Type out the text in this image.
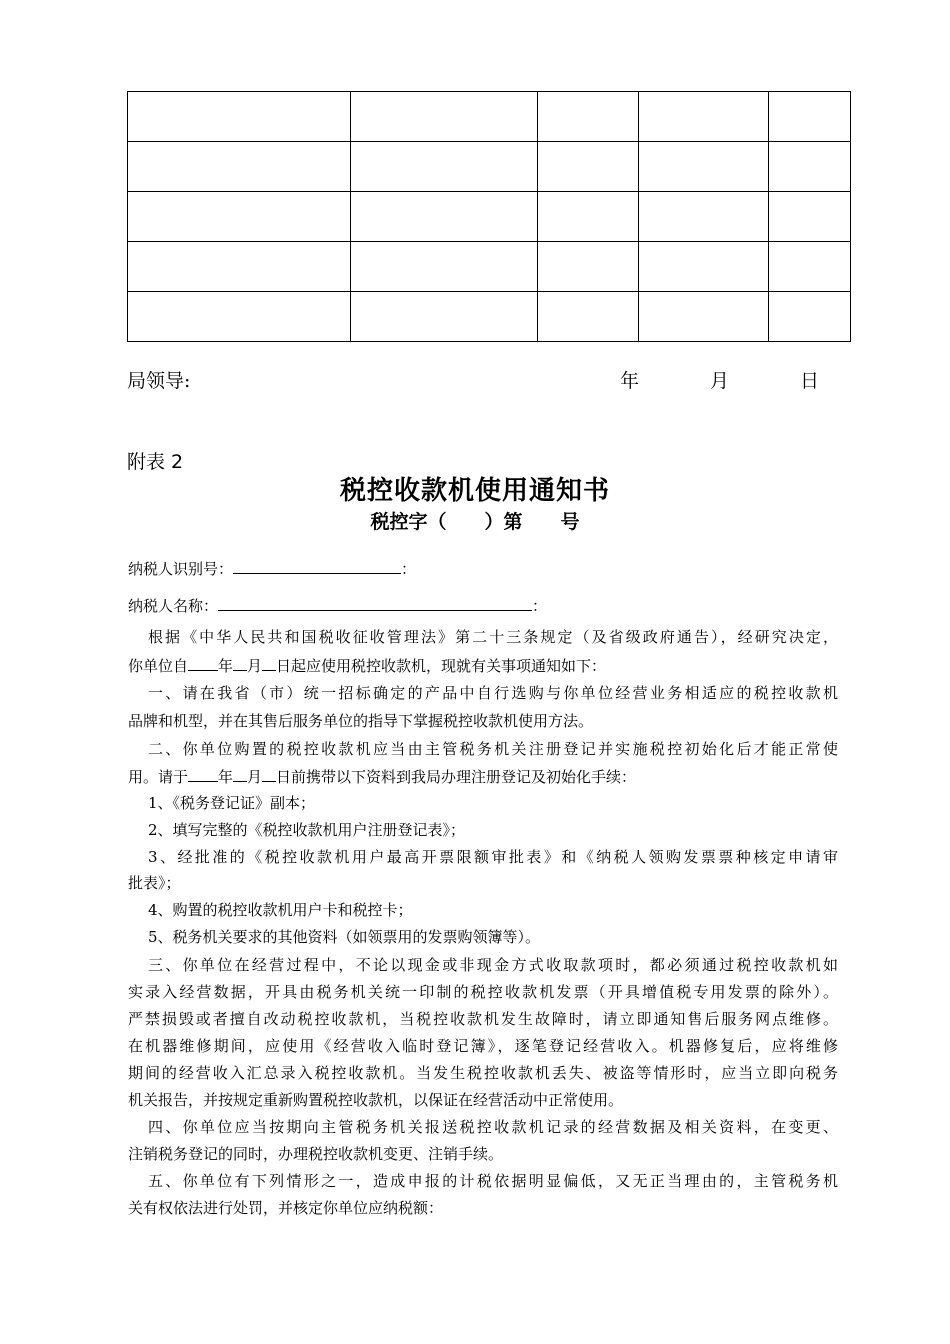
局领导:	年	月	日
附表 2
税控收款机使用通知书
税控字（　　）第　　号
纳税人识别号：	：
纳税人名称：	：
根据《中华人民共和国税收征收管理法》第二十三条规定（及省级政府通告），经研究决定，
你单位自 年 月 日起应使用税控收款机，现就有关事项通知如下：
一、请在我省（市）统一招标确定的产品中自行选购与你单位经营业务相适应的税控收款机
品牌和机型，并在其售后服务单位的指导下掌握税控收款机使用方法。
二、你单位购置的税控收款机应当由主管税务机关注册登记并实施税控初始化后才能正常使
用。请于 年 月 日前携带以下资料到我局办理注册登记及初始化手续：
1、《税务登记证》副本；
2、填写完整的《税控收款机用户注册登记表》；
3、经批准的《税控收款机用户最高开票限额审批表》和《纳税人领购发票票种核定申请审
批表》；
4、购置的税控收款机用户卡和税控卡；
5、税务机关要求的其他资料（如领票用的发票购领簿等）。
三、你单位在经营过程中，不论以现金或非现金方式收取款项时，都必须通过税控收款机如
实录入经营数据，开具由税务机关统一印制的税控收款机发票（开具增值税专用发票的除外）。
严禁损毁或者擅自改动税控收款机，当税控收款机发生故障时，请立即通知售后服务网点维修。
在机器维修期间，应使用《经营收入临时登记簿》，逐笔登记经营收入。机器修复后，应将维修
期间的经营收入汇总录入税控收款机。当发生税控收款机丢失、被盗等情形时，应当立即向税务
机关报告，并按规定重新购置税控收款机，以保证在经营活动中正常使用。
四、你单位应当按期向主管税务机关报送税控收款机记录的经营数据及相关资料，在变更、
注销税务登记的同时，办理税控收款机变更、注销手续。
五、你单位有下列情形之一，造成申报的计税依据明显偏低，又无正当理由的，主管税务机
关有权依法进行处罚，并核定你单位应纳税额：
